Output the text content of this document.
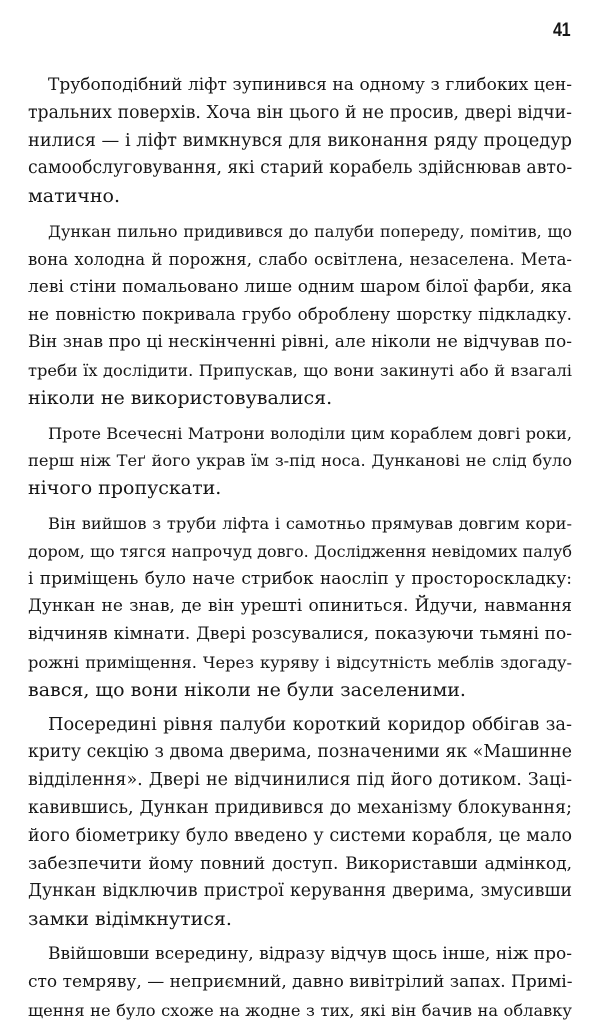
41
Трубоподібний ліфт зупинився на одному з глибоких цен-
тральних поверхів. Хоча він цього й не просив, двері відчи-
нилися — і ліфт вимкнувся для виконання ряду процедур
самообслуговування, які старий корабель здійснював авто-
матично.
Дункан пильно придивився до палуби попереду, помітив, що
вона холодна й порожня, слабо освітлена, незаселена. Мета-
леві стіни помальовано лише одним шаром білої фарби, яка
не повністю покривала грубо оброблену шорстку підкладку.
Він знав про ці нескінченні рівні, але ніколи не відчував по-
треби їх дослідити. Припускав, що вони закинуті або й взагалі
ніколи не використовувалися.
Проте Всечесні Матрони володіли цим кораблем довгі роки,
перш ніж Теґ його украв їм з-під носа. Дунканові не слід було
нічого пропускати.
Він вийшов з труби ліфта і самотньо прямував довгим кори-
дором, що тягся напрочуд довго. Дослідження невідомих палуб
і приміщень було наче стрибок наосліп у простороскладку:
Дункан не знав, де він урешті опиниться. Йдучи, навмання
відчиняв кімнати. Двері розсувалися, показуючи тьмяні по-
рожні приміщення. Через куряву і відсутність меблів здогаду-
вався, що вони ніколи не були заселеними.
Посередині рівня палуби короткий коридор оббігав за-
криту секцію з двома дверима, позначеними як «Машинне
відділення». Двері не відчинилися під його дотиком. Заці-
кавившись, Дункан придивився до механізму блокування;
його біометрику було введено у системи корабля, це мало
забезпечити йому повний доступ. Використавши адмінкод,
Дункан відключив пристрої керування дверима, змусивши
замки відімкнутися.
Ввійшовши всередину, відразу відчув щось інше, ніж про-
сто темряву, — неприємний, давно вивітрілий запах. Примі-
щення не було схоже на жодне з тих, які він бачив на облавку
